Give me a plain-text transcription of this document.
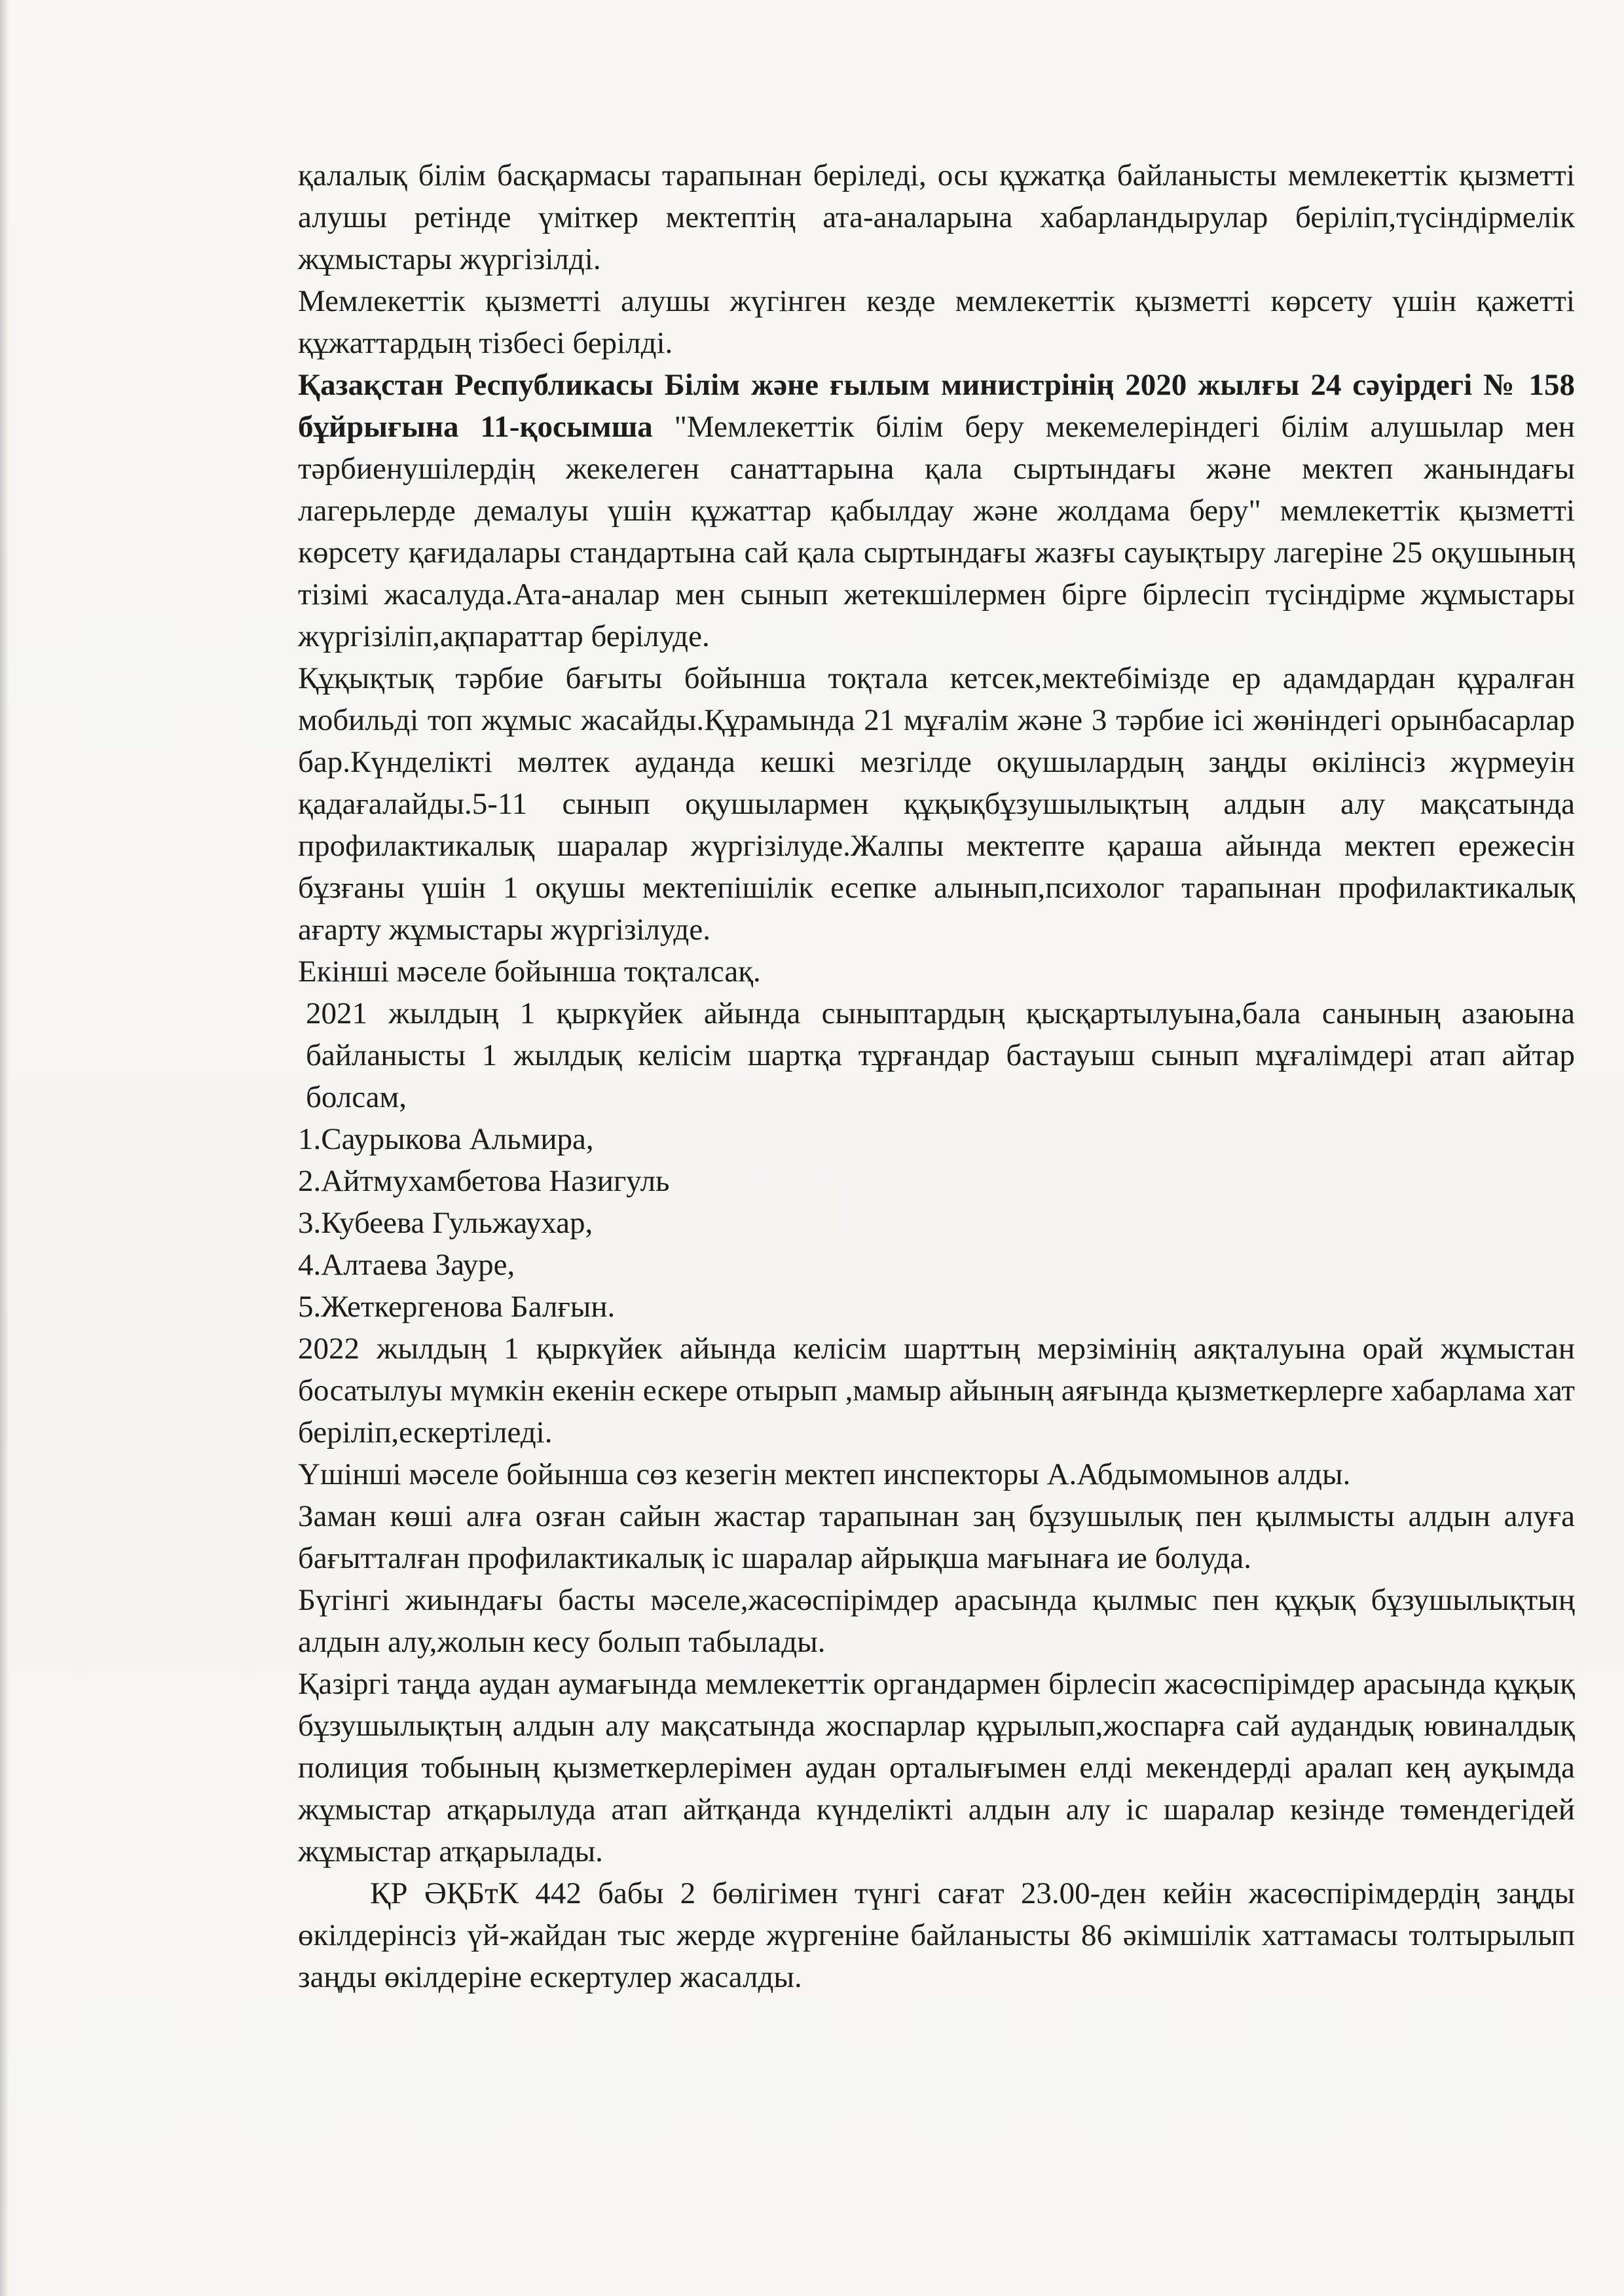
қалалық білім басқармасы тарапынан беріледі, осы құжатқа байланысты мемлекеттік қызметті алушы ретінде үміткер мектептің ата-аналарына хабарландырулар беріліп,түсіндірмелік жұмыстары жүргізілді.

Мемлекеттік қызметті алушы жүгінген кезде мемлекеттік қызметті көрсету үшін қажетті құжаттардың тізбесі берілді.

Қазақстан Республикасы Білім және ғылым министрінің 2020 жылғы 24 сәуірдегі № 158 бұйрығына 11-қосымша "Мемлекеттік білім беру мекемелеріндегі білім алушылар мен тәрбиенушілердің жекелеген санаттарына қала сыртындағы және мектеп жанындағы лагерьлерде демалуы үшін құжаттар қабылдау және жолдама беру" мемлекеттік қызметті көрсету қағидалары стандартына сай қала сыртындағы жазғы сауықтыру лагеріне 25 оқушының тізімі жасалуда.Ата-аналар мен сынып жетекшілермен бірге бірлесіп түсіндірме жұмыстары жүргізіліп,ақпараттар берілуде.

Құқықтық тәрбие бағыты бойынша тоқтала кетсек,мектебімізде ер адамдардан құралған мобильді топ жұмыс жасайды.Құрамында 21 мұғалім және 3 тәрбие ісі жөніндегі орынбасарлар бар.Күнделікті мөлтек ауданда кешкі мезгілде оқушылардың заңды өкілінсіз жүрмеуін қадағалайды.5-11 сынып оқушылармен құқықбұзушылықтың алдын алу мақсатында профилактикалық шаралар жүргізілуде.Жалпы мектепте қараша айында мектеп ережесін бұзғаны үшін 1 оқушы мектепішілік есепке алынып,психолог тарапынан профилактикалық ағарту жұмыстары жүргізілуде.

Екінші мәселе бойынша тоқталсақ.

2021 жылдың 1 қыркүйек айында сыныптардың қысқартылуына,бала санының азаюына байланысты 1 жылдық келісім шартқа тұрғандар бастауыш сынып мұғалімдері атап айтар болсам,

1.Саурыкова Альмира,

2.Айтмухамбетова Назигуль

3.Кубеева Гульжаухар,

4.Алтаева Зауре,

5.Жеткергенова Балғын.

2022 жылдың 1 қыркүйек айында келісім шарттың мерзімінің аяқталуына орай жұмыстан босатылуы мүмкін екенін ескере отырып ,мамыр айының аяғында қызметкерлерге хабарлама хат беріліп,ескертіледі.

Үшінші мәселе бойынша сөз кезегін мектеп инспекторы А.Абдымомынов алды.

Заман көші алға озған сайын жастар тарапынан заң бұзушылық пен қылмысты алдын алуға бағытталған профилактикалық іс шаралар айрықша мағынаға ие болуда.

Бүгінгі жиындағы басты мәселе,жасөспірімдер арасында қылмыс пен құқық бұзушылықтың алдын алу,жолын кесу болып табылады.

Қазіргі таңда аудан аумағында мемлекеттік органдармен бірлесіп жасөспірімдер арасында құқық бұзушылықтың алдын алу мақсатында жоспарлар құрылып,жоспарға сай аудандық ювиналдық полиция тобының қызметкерлерімен аудан орталығымен елді мекендерді аралап кең ауқымда жұмыстар атқарылуда атап айтқанда күнделікті алдын алу іс шаралар кезінде төмендегідей жұмыстар атқарылады.

ҚР ӘҚБтК 442 бабы 2 бөлігімен түнгі сағат 23.00-ден кейін жасөспірімдердің заңды өкілдерінсіз үй-жайдан тыс жерде жүргеніне байланысты 86 әкімшілік хаттамасы толтырылып заңды өкілдеріне ескертулер жасалды.
